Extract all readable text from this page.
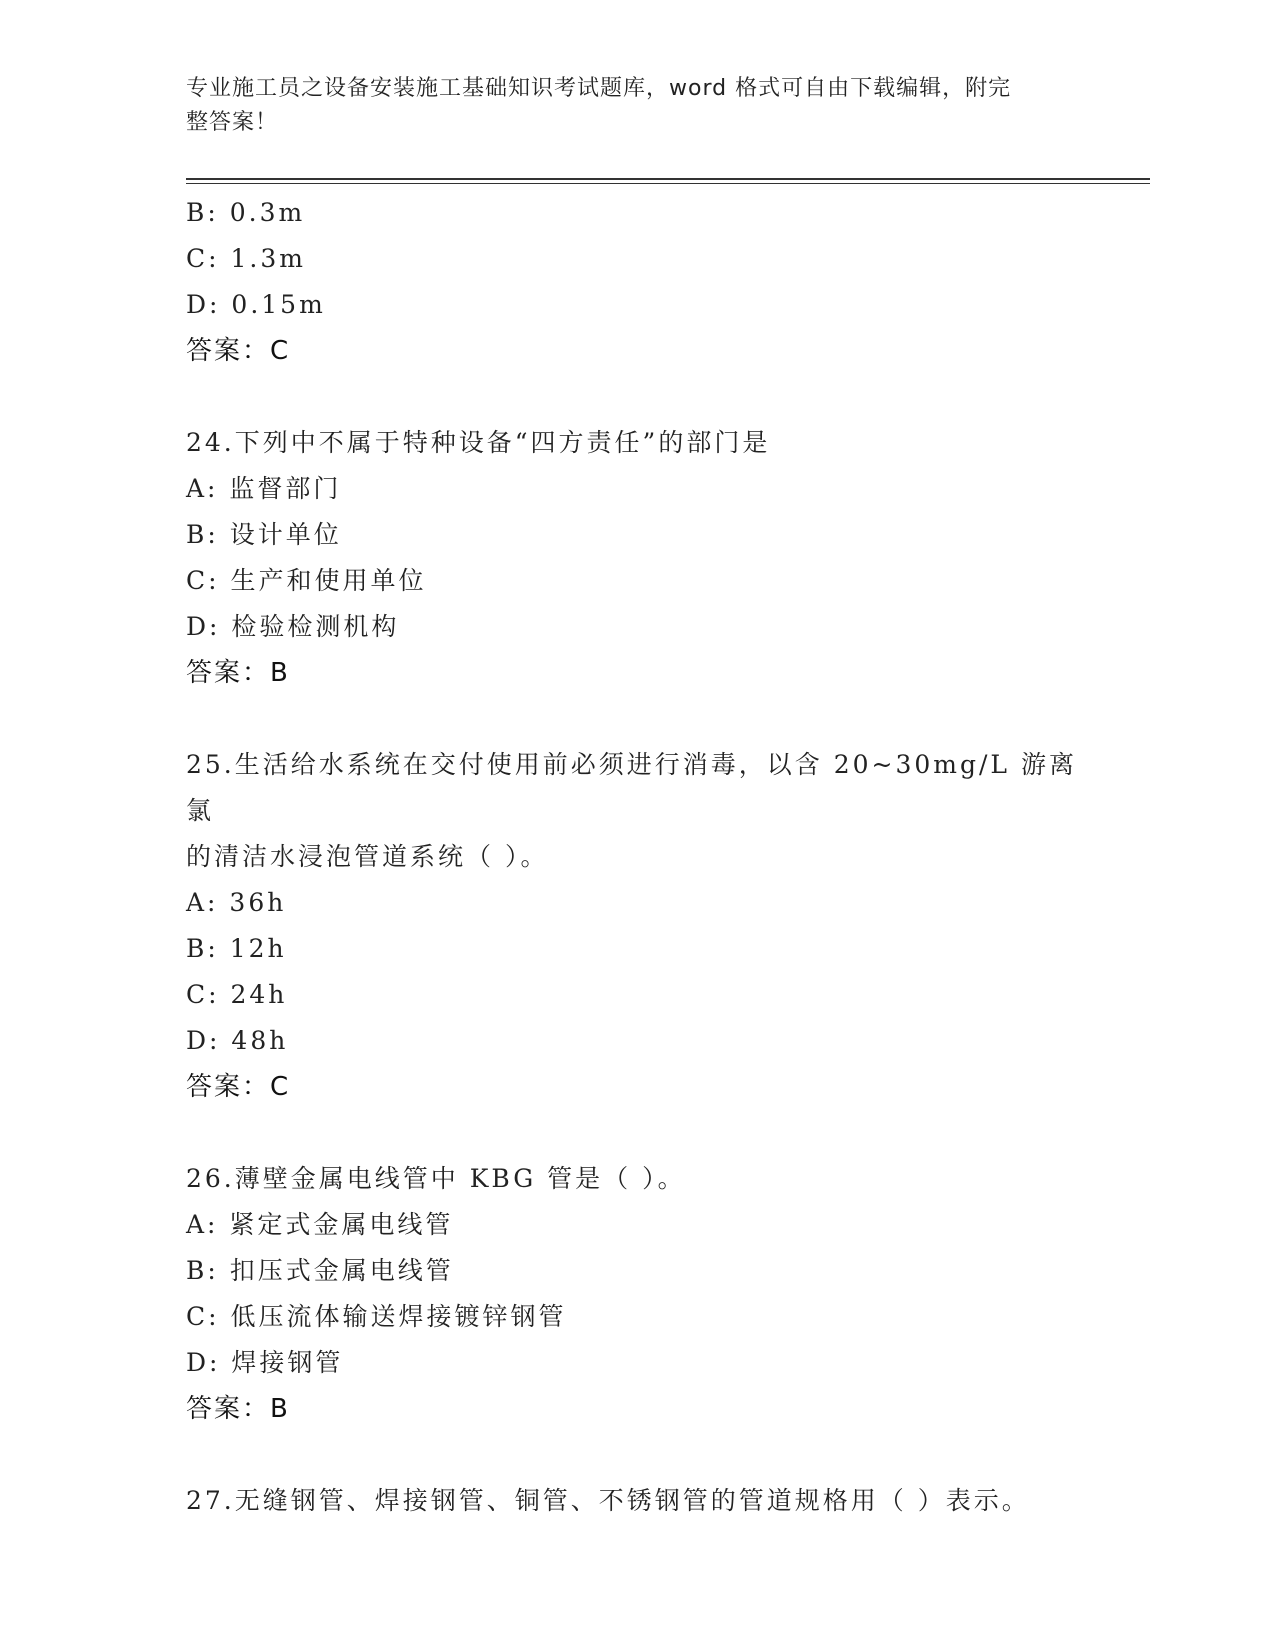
专业施工员之设备安装施工基础知识考试题库，word 格式可自由下载编辑，附完
整答案！
B: 0.3m
C: 1.3m
D: 0.15m
答案：C
24.下列中不属于特种设备“四方责任”的部门是
A: 监督部门
B: 设计单位
C: 生产和使用单位
D: 检验检测机构
答案：B
25.生活给水系统在交付使用前必须进行消毒，以含 20~30mg/L 游离氯
的清洁水浸泡管道系统（ ）。
A: 36h
B: 12h
C: 24h
D: 48h
答案：C
26.薄壁金属电线管中 KBG 管是（ ）。
A: 紧定式金属电线管
B: 扣压式金属电线管
C: 低压流体输送焊接镀锌钢管
D: 焊接钢管
答案：B
27.无缝钢管、焊接钢管、铜管、不锈钢管的管道规格用（ ）表示。
